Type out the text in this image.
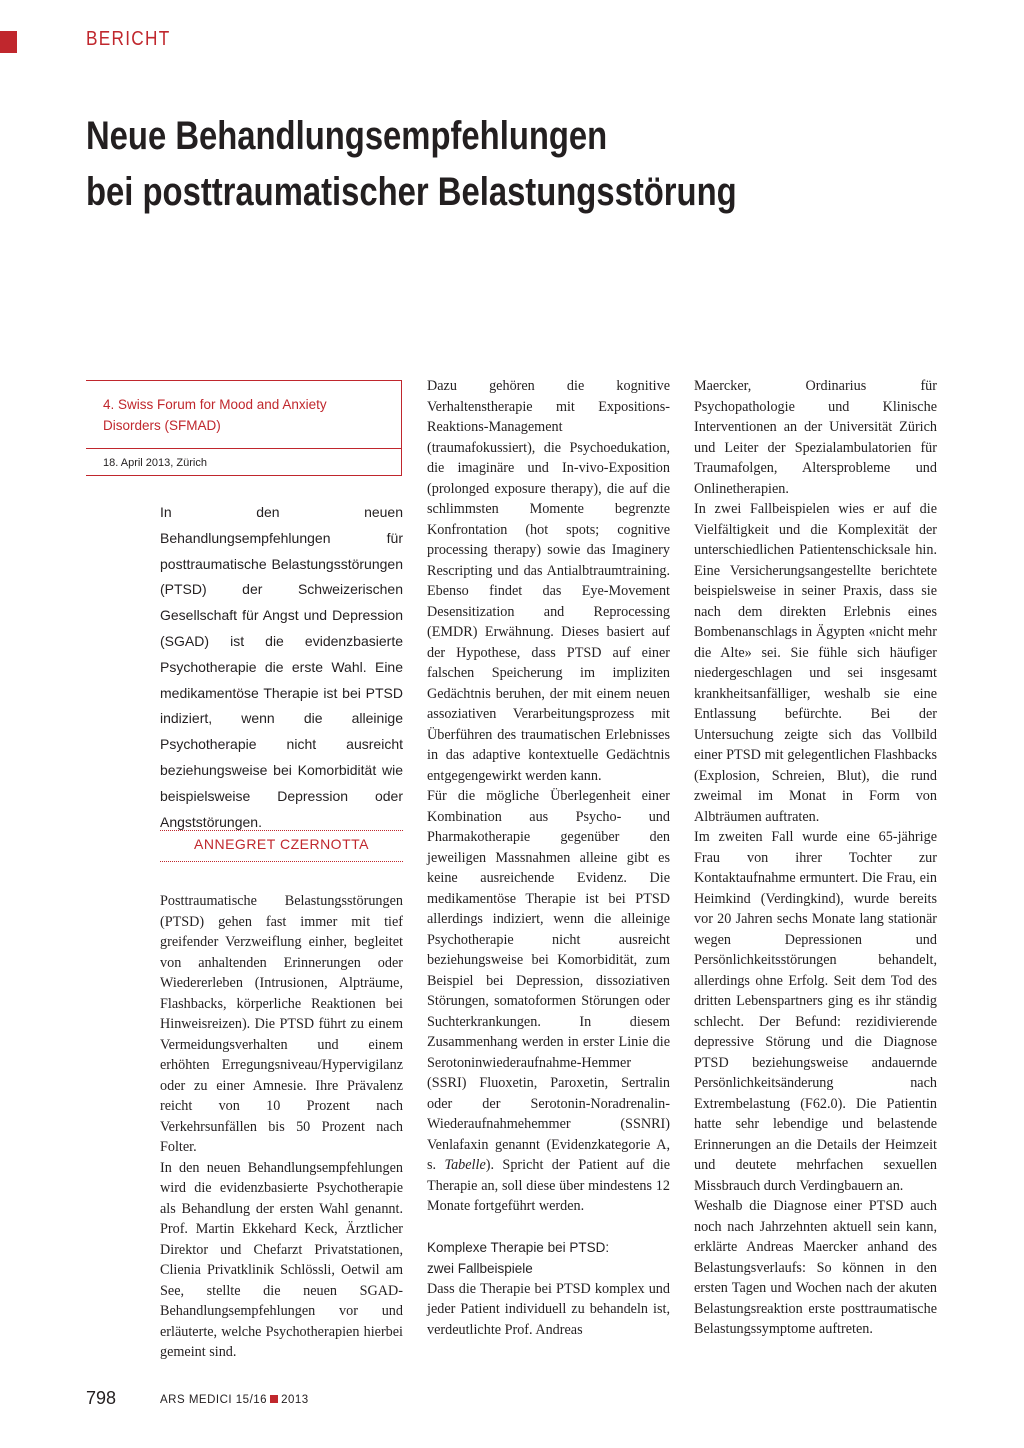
BERICHT
Neue Behandlungsempfehlungen
bei posttraumatischer Belastungsstörung
4. Swiss Forum for Mood and Anxiety Disorders (SFMAD)
18. April 2013, Zürich
In den neuen Behandlungsempfehlungen für posttraumatische Belastungsstörungen (PTSD) der Schweizerischen Gesellschaft für Angst und Depression (SGAD) ist die evidenzbasierte Psychotherapie die erste Wahl. Eine medikamentöse Therapie ist bei PTSD indiziert, wenn die alleinige Psychotherapie nicht ausreicht beziehungsweise bei Komorbidität wie beispielsweise Depression oder Angststörungen.
ANNEGRET CZERNOTTA

Posttraumatische Belastungsstörungen (PTSD) gehen fast immer mit tief greifender Verzweiflung einher, begleitet von anhaltenden Erinnerungen oder Wiedererleben (Intrusionen, Alpträume, Flashbacks, körperliche Reaktionen bei Hinweisreizen). Die PTSD führt zu einem Vermeidungsverhalten und einem erhöhten Erregungsniveau/Hypervigilanz oder zu einer Amnesie. Ihre Prävalenz reicht von 10 Prozent nach Verkehrsunfällen bis 50 Prozent nach Folter.

In den neuen Behandlungsempfehlungen wird die evidenzbasierte Psychotherapie als Behandlung der ersten Wahl genannt. Prof. Martin Ekkehard Keck, Ärztlicher Direktor und Chefarzt Privatstationen, Clienia Privatklinik Schlössli, Oetwil am See, stellte die neuen SGAD-Behandlungsempfehlungen vor und erläuterte, welche Psychotherapien hierbei gemeint sind.

Dazu gehören die kognitive Verhaltenstherapie mit Expositions-Reaktions-Management (traumafokussiert), die Psychoedukation, die imaginäre und In-vivo-Exposition (prolonged exposure therapy), die auf die schlimmsten Momente begrenzte Konfrontation (hot spots; cognitive processing therapy) sowie das Imaginery Rescripting und das Antialbtraumtraining. Ebenso findet das Eye-Movement Desensitization and Reprocessing (EMDR) Erwähnung. Dieses basiert auf der Hypothese, dass PTSD auf einer falschen Speicherung im impliziten Gedächtnis beruhen, der mit einem neuen assoziativen Verarbeitungsprozess mit Überführen des traumatischen Erlebnisses in das adaptive kontextuelle Gedächtnis entgegengewirkt werden kann.

Für die mögliche Überlegenheit einer Kombination aus Psycho- und Pharmakotherapie gegenüber den jeweiligen Massnahmen alleine gibt es keine ausreichende Evidenz. Die medikamentöse Therapie ist bei PTSD allerdings indiziert, wenn die alleinige Psychotherapie nicht ausreicht beziehungsweise bei Komorbidität, zum Beispiel bei Depression, dissoziativen Störungen, somatoformen Störungen oder Suchterkrankungen. In diesem Zusammenhang werden in erster Linie die Serotoninwiederaufnahme-Hemmer (SSRI) Fluoxetin, Paroxetin, Sertralin oder der Serotonin-Noradrenalin-Wiederaufnahmehemmer (SSNRI) Venlafaxin genannt (Evidenzkategorie A, s. Tabelle). Spricht der Patient auf die Therapie an, soll diese über mindestens 12 Monate fortgeführt werden.

Komplexe Therapie bei PTSD:
zwei Fallbeispiele

Dass die Therapie bei PTSD komplex und jeder Patient individuell zu behandeln ist, verdeutlichte Prof. Andreas

Maercker, Ordinarius für Psychopathologie und Klinische Interventionen an der Universität Zürich und Leiter der Spezialambulatorien für Traumafolgen, Altersprobleme und Onlinetherapien.

In zwei Fallbeispielen wies er auf die Vielfältigkeit und die Komplexität der unterschiedlichen Patientenschicksale hin. Eine Versicherungsangestellte berichtete beispielsweise in seiner Praxis, dass sie nach dem direkten Erlebnis eines Bombenanschlags in Ägypten «nicht mehr die Alte» sei. Sie fühle sich häufiger niedergeschlagen und sei insgesamt krankheitsanfälliger, weshalb sie eine Entlassung befürchte. Bei der Untersuchung zeigte sich das Vollbild einer PTSD mit gelegentlichen Flashbacks (Explosion, Schreien, Blut), die rund zweimal im Monat in Form von Albträumen auftraten.

Im zweiten Fall wurde eine 65-jährige Frau von ihrer Tochter zur Kontaktaufnahme ermuntert. Die Frau, ein Heimkind (Verdingkind), wurde bereits vor 20 Jahren sechs Monate lang stationär wegen Depressionen und Persönlichkeitsstörungen behandelt, allerdings ohne Erfolg. Seit dem Tod des dritten Lebenspartners ging es ihr ständig schlecht. Der Befund: rezidivierende depressive Störung und die Diagnose PTSD beziehungsweise andauernde Persönlichkeitsänderung nach Extrembelastung (F62.0). Die Patientin hatte sehr lebendige und belastende Erinnerungen an die Details der Heimzeit und deutete mehrfachen sexuellen Missbrauch durch Verdingbauern an.

Weshalb die Diagnose einer PTSD auch noch nach Jahrzehnten aktuell sein kann, erklärte Andreas Maercker anhand des Belastungsverlaufs: So können in den ersten Tagen und Wochen nach der akuten Belastungsreaktion erste posttraumatische Belastungssymptome auftreten.

798	ARS MEDICI 15/16 2013
